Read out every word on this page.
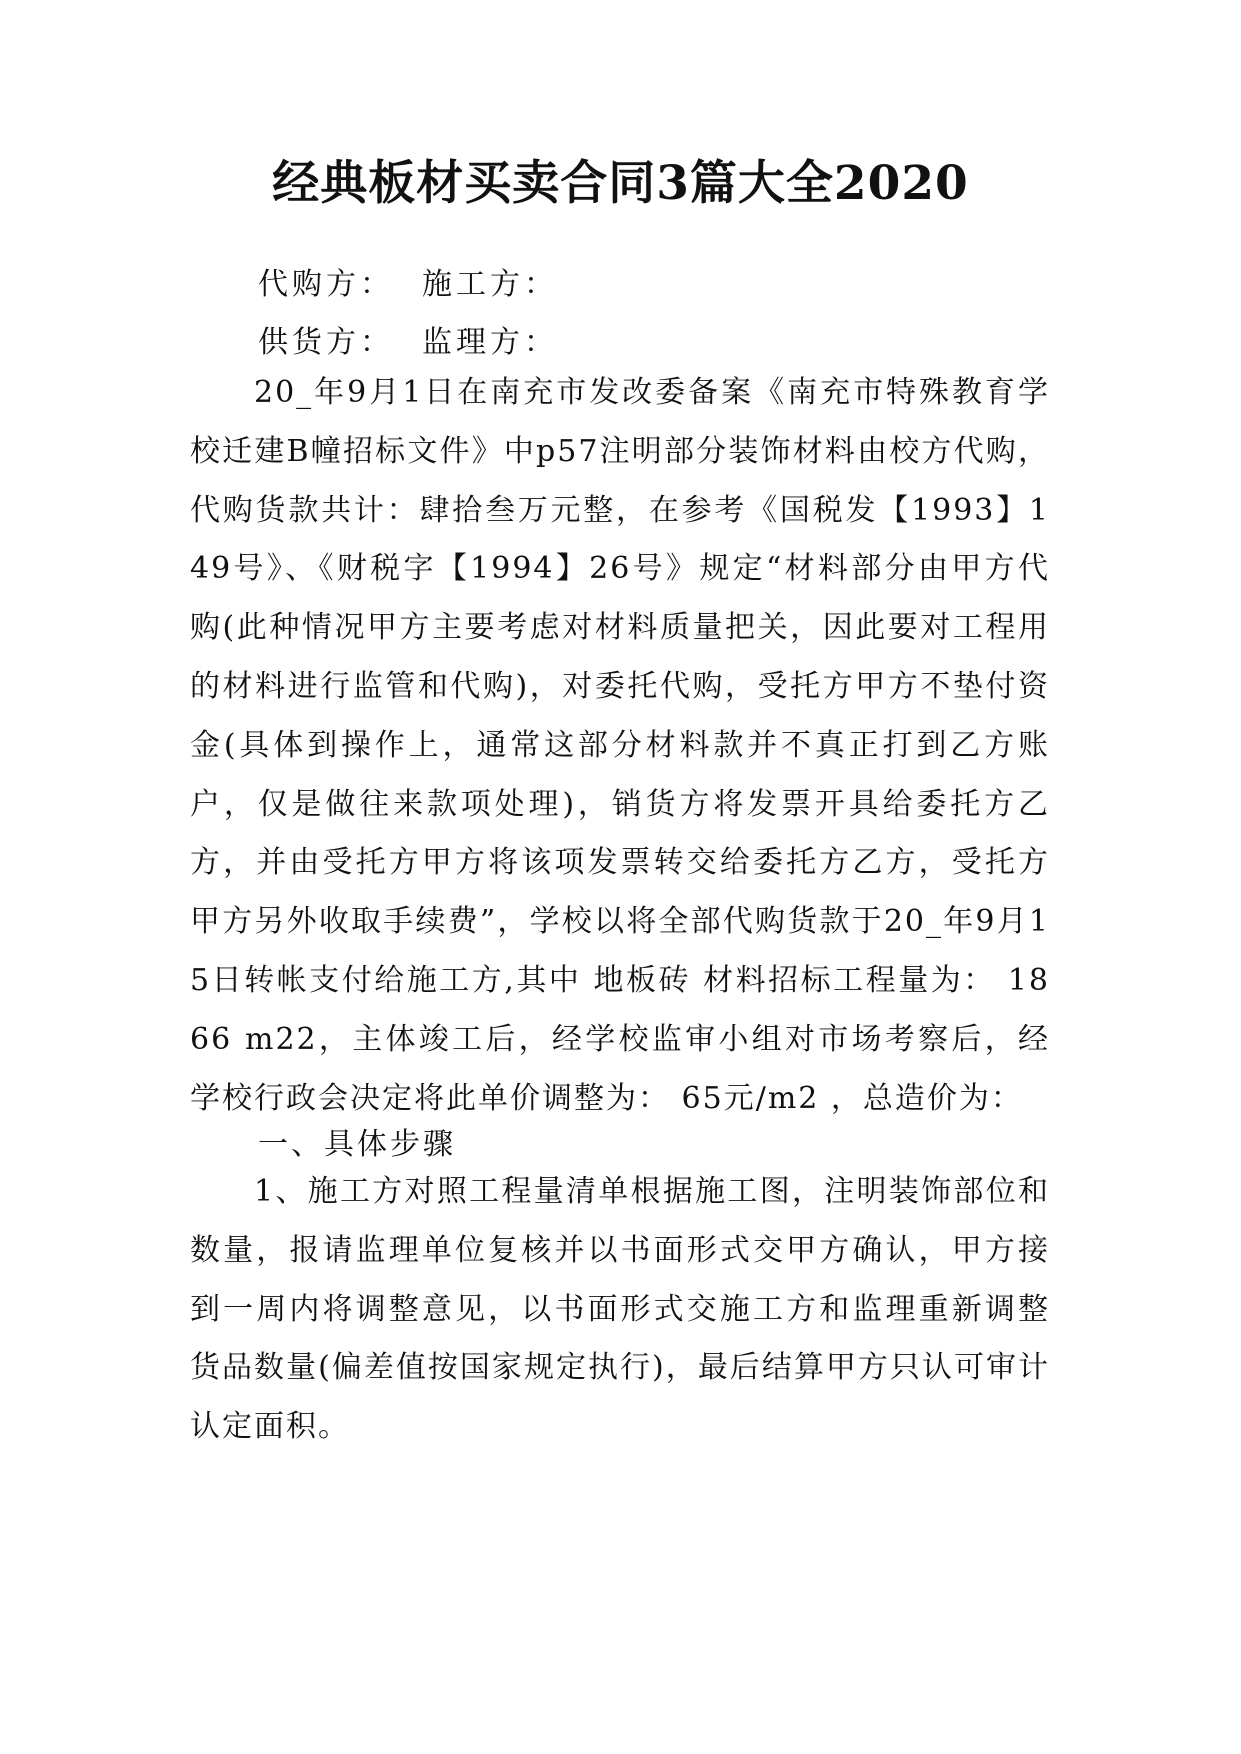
经典板材买卖合同3篇大全2020
代购方： 施工方：
供货方： 监理方：

20_年9月1日在南充市发改委备案《南充市特殊教育学校迁建B幢招标文件》中p57注明部分装饰材料由校方代购，代购货款共计：肆拾叁万元整，在参考《国税发【1993】149号》、《财税字【1994】26号》规定“材料部分由甲方代购(此种情况甲方主要考虑对材料质量把关，因此要对工程用的材料进行监管和代购)，对委托代购，受托方甲方不垫付资金(具体到操作上，通常这部分材料款并不真正打到乙方账户，仅是做往来款项处理)，销货方将发票开具给委托方乙方，并由受托方甲方将该项发票转交给委托方乙方，受托方甲方另外收取手续费”，学校以将全部代购货款于20_年9月15日转帐支付给施工方,其中 地板砖 材料招标工程量为： 1866 m22，主体竣工后，经学校监审小组对市场考察后，经学校行政会决定将此单价调整为： 65元/m2 ，总造价为：

一、具体步骤

1、施工方对照工程量清单根据施工图，注明装饰部位和数量，报请监理单位复核并以书面形式交甲方确认，甲方接到一周内将调整意见，以书面形式交施工方和监理重新调整货品数量(偏差值按国家规定执行)，最后结算甲方只认可审计认定面积。
